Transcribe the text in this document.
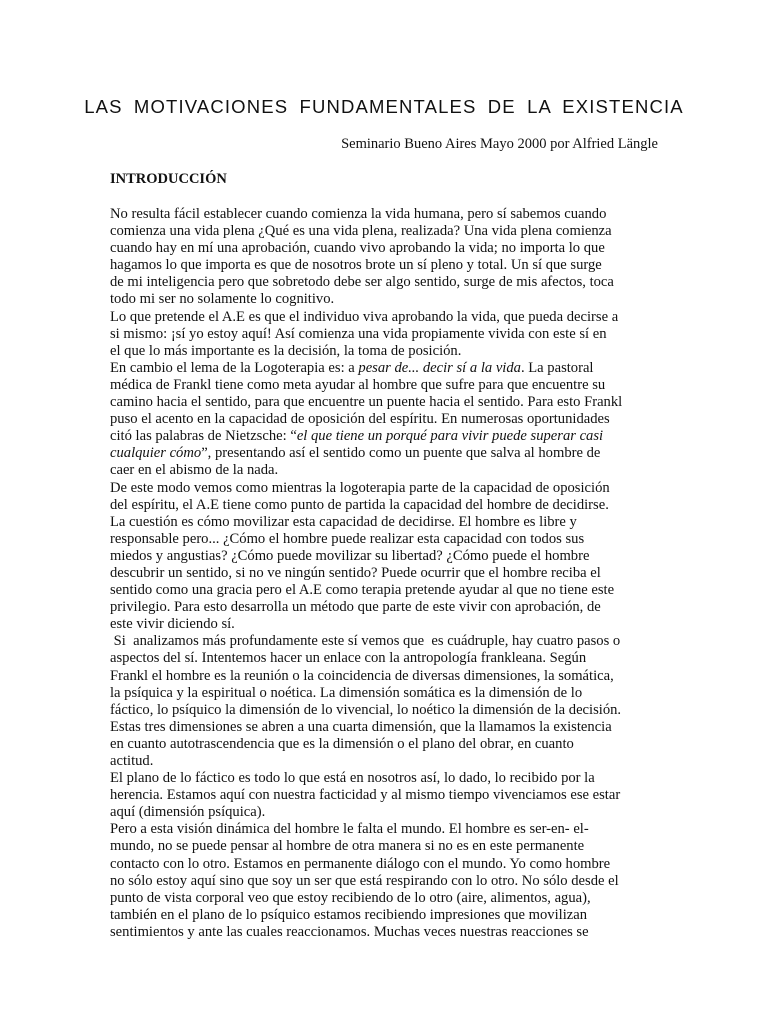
LAS MOTIVACIONES FUNDAMENTALES DE LA EXISTENCIA

Seminario Bueno Aires Mayo 2000 por Alfried Längle

INTRODUCCIÓN

No resulta fácil establecer cuando comienza la vida humana, pero sí sabemos cuando
comienza una vida plena ¿Qué es una vida plena, realizada? Una vida plena comienza
cuando hay en mí una aprobación, cuando vivo aprobando la vida; no importa lo que
hagamos lo que importa es que de nosotros brote un sí pleno y total. Un sí que surge
de mi inteligencia pero que sobretodo debe ser algo sentido, surge de mis afectos, toca
todo mi ser no solamente lo cognitivo.
Lo que pretende el A.E es que el individuo viva aprobando la vida, que pueda decirse a
si mismo: ¡sí yo estoy aquí! Así comienza una vida propiamente vivida con este sí en
el que lo más importante es la decisión, la toma de posición.
En cambio el lema de la Logoterapia es: a pesar de... decir sí a la vida. La pastoral
médica de Frankl tiene como meta ayudar al hombre que sufre para que encuentre su
camino hacia el sentido, para que encuentre un puente hacia el sentido. Para esto Frankl
puso el acento en la capacidad de oposición del espíritu. En numerosas oportunidades
citó las palabras de Nietzsche: “el que tiene un porqué para vivir puede superar casi
cualquier cómo”, presentando así el sentido como un puente que salva al hombre de
caer en el abismo de la nada.
De este modo vemos como mientras la logoterapia parte de la capacidad de oposición
del espíritu, el A.E tiene como punto de partida la capacidad del hombre de decidirse.
La cuestión es cómo movilizar esta capacidad de decidirse. El hombre es libre y
responsable pero... ¿Cómo el hombre puede realizar esta capacidad con todos sus
miedos y angustias? ¿Cómo puede movilizar su libertad? ¿Cómo puede el hombre
descubrir un sentido, si no ve ningún sentido? Puede ocurrir que el hombre reciba el
sentido como una gracia pero el A.E como terapia pretende ayudar al que no tiene este
privilegio. Para esto desarrolla un método que parte de este vivir con aprobación, de
este vivir diciendo sí.
Si  analizamos más profundamente este sí vemos que  es cuádruple, hay cuatro pasos o
aspectos del sí. Intentemos hacer un enlace con la antropología frankleana. Según
Frankl el hombre es la reunión o la coincidencia de diversas dimensiones, la somática,
la psíquica y la espiritual o noética. La dimensión somática es la dimensión de lo
fáctico, lo psíquico la dimensión de lo vivencial, lo noético la dimensión de la decisión.
Estas tres dimensiones se abren a una cuarta dimensión, que la llamamos la existencia
en cuanto autotrascendencia que es la dimensión o el plano del obrar, en cuanto
actitud.
El plano de lo fáctico es todo lo que está en nosotros así, lo dado, lo recibido por la
herencia. Estamos aquí con nuestra facticidad y al mismo tiempo vivenciamos ese estar
aquí (dimensión psíquica).
Pero a esta visión dinámica del hombre le falta el mundo. El hombre es ser-en- el-
mundo, no se puede pensar al hombre de otra manera si no es en este permanente
contacto con lo otro. Estamos en permanente diálogo con el mundo. Yo como hombre
no sólo estoy aquí sino que soy un ser que está respirando con lo otro. No sólo desde el
punto de vista corporal veo que estoy recibiendo de lo otro (aire, alimentos, agua),
también en el plano de lo psíquico estamos recibiendo impresiones que movilizan
sentimientos y ante las cuales reaccionamos. Muchas veces nuestras reacciones se
